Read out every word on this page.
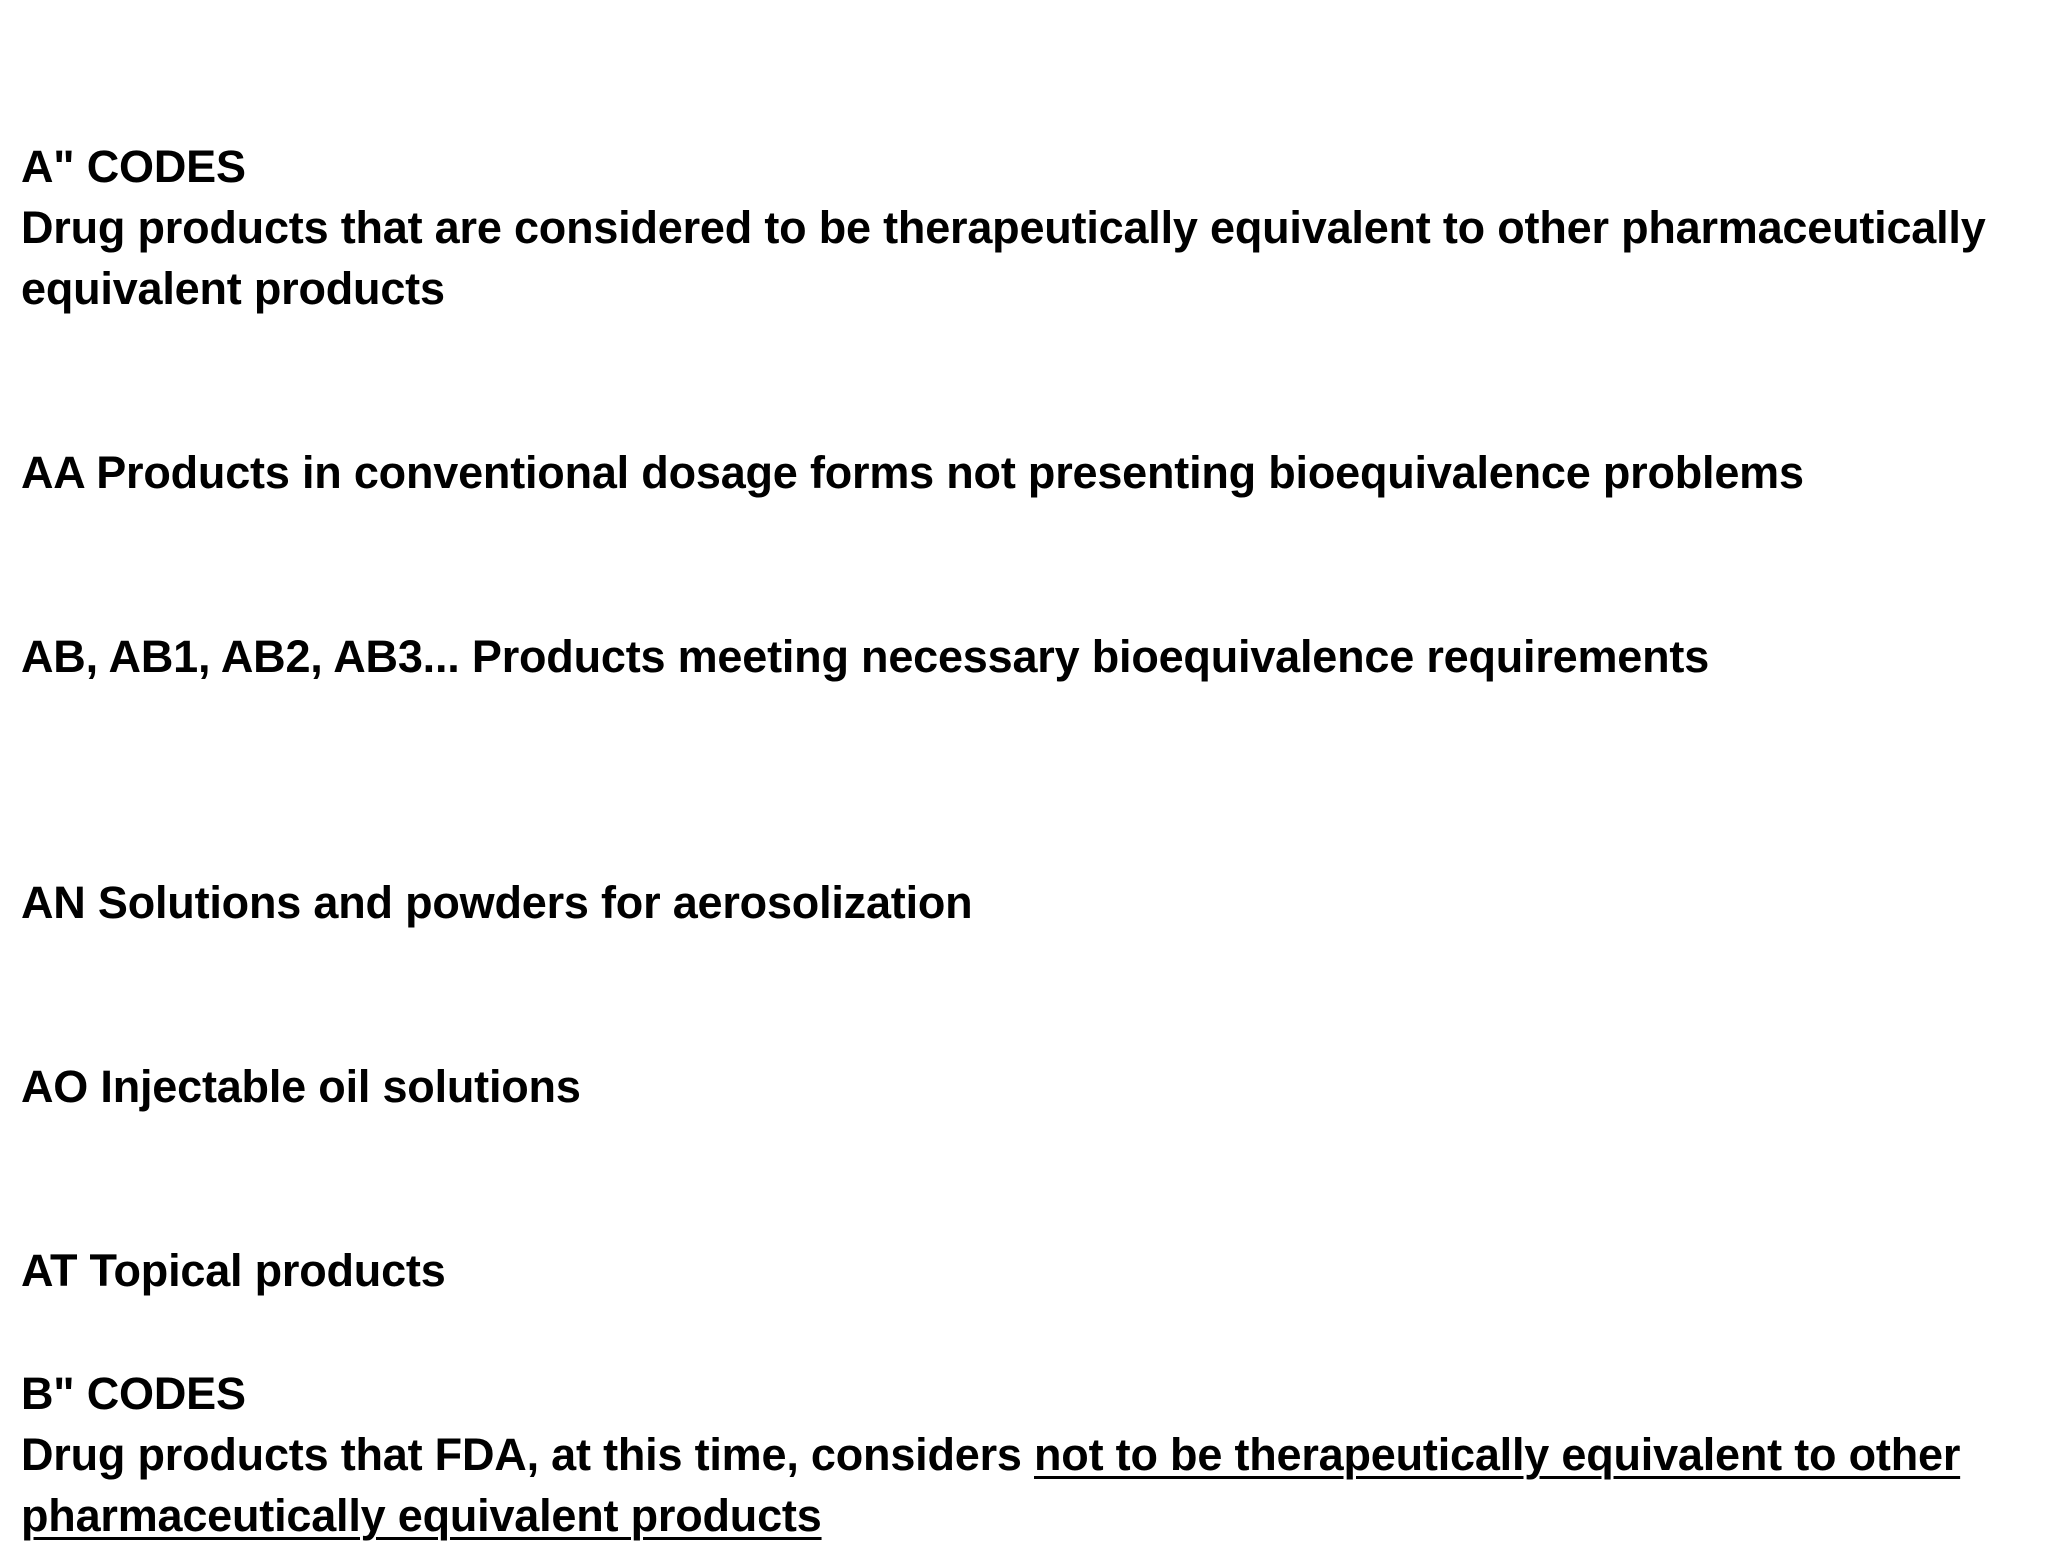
A" CODES
Drug products that are considered to be therapeutically equivalent to other pharmaceutically
equivalent products
AA Products in conventional dosage forms not presenting bioequivalence problems
AB, AB1, AB2, AB3... Products meeting necessary bioequivalence requirements
AN Solutions and powders for aerosolization
AO Injectable oil solutions
AT Topical products
B" CODES
Drug products that FDA, at this time, considers not to be therapeutically equivalent to other
pharmaceutically equivalent products
